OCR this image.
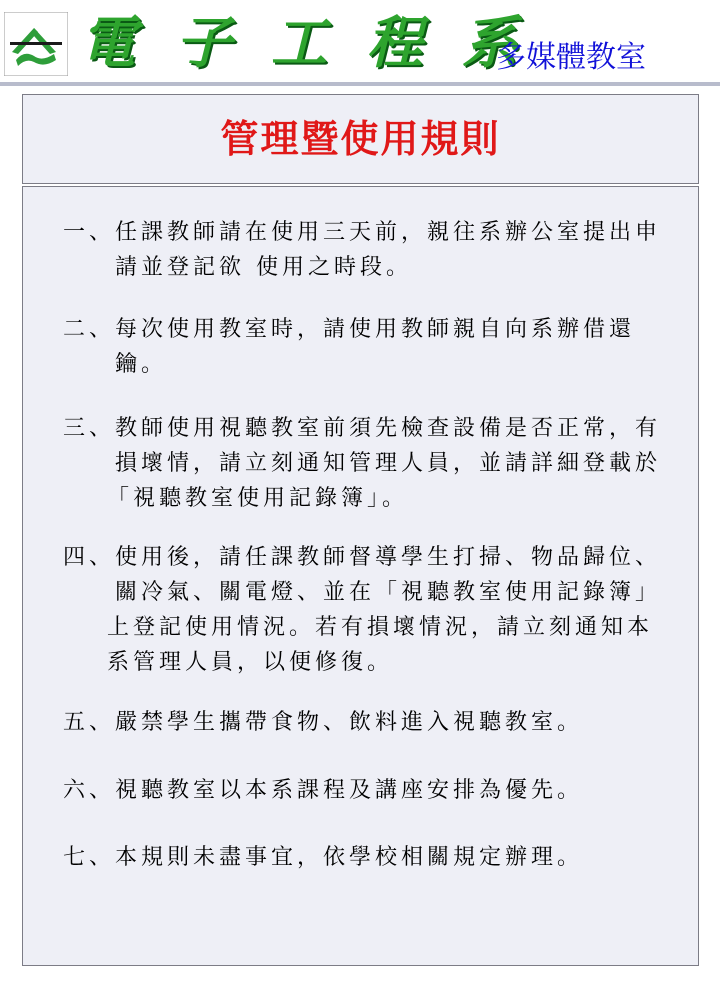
電 子 工 程 系
多媒體教室
管理暨使用規則
一、 任課教師請在使用三天前，親往系辦公室提出申
請並登記欲 使用之時段。
二、 每次使用教室時，請使用教師親自向系辦借還
鑰。
三、 教師使用視聽教室前須先檢查設備是否正常，有
損壞情，請立刻通知管理人員，並請詳細登載於
「視聽教室使用記錄簿」。
四、 使用後，請任課教師督導學生打掃、物品歸位、
關冷氣、關電燈、並在「視聽教室使用記錄簿」
上登記使用情況。若有損壞情況，請立刻通知本
系管理人員，以便修復。
五、 嚴禁學生攜帶食物、飲料進入視聽教室。
六、 視聽教室以本系課程及講座安排為優先。
七、 本規則未盡事宜，依學校相關規定辦理。
